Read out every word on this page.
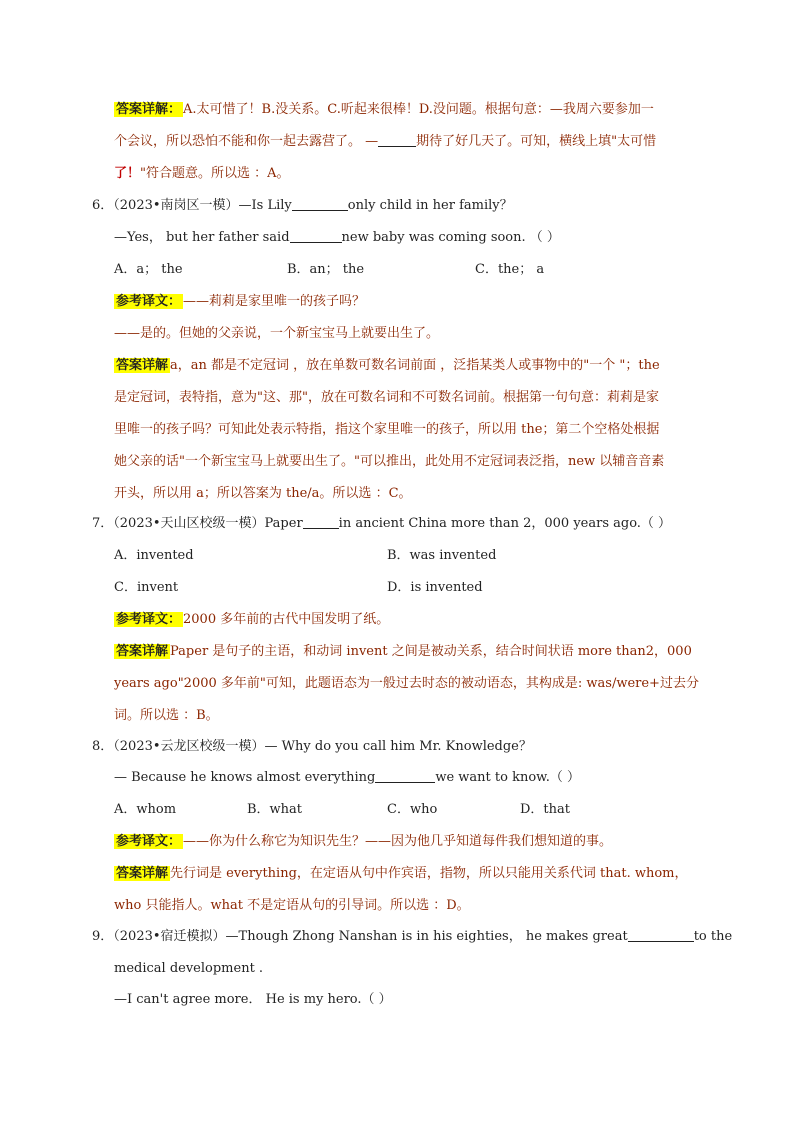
答案详解： A.太可惜了！B.没关系。C.听起来很棒！D.没问题。根据句意：—我周六要参加一
个会议，所以恐怕不能和你一起去露营了。 —	期待了好几天了。可知，横线上填"太可惜
了！"符合题意。所以选 ：A。
6．（2023•南岗区一模）—Is Lily	only child in her family？
—Yes， but her father said	new baby was coming soon. （ ）
A．a； the	B．an； the	C．the； a
参考译文： ——莉莉是家里唯一的孩子吗？
——是的。但她的父亲说，一个新宝宝马上就要出生了。
答案详解 a，an 都是不定冠词 ，放在单数可数名词前面 ，泛指某类人或事物中的"一个 "；the
是定冠词，表特指，意为"这、那"，放在可数名词和不可数名词前。根据第一句句意：莉莉是家
里唯一的孩子吗？可知此处表示特指，指这个家里唯一的孩子，所以用 the；第二个空格处根据
她父亲的话"一个新宝宝马上就要出生了。"可以推出，此处用不定冠词表泛指，new 以辅音音素
开头，所以用 a；所以答案为 the/a。所以选 ：C。
7．（2023•天山区校级一模）Paper	in ancient China more than 2，000 years ago.（ ）
A．invented	B．was invented
C．invent	D．is invented
参考译文： 2000 多年前的古代中国发明了纸。
答案详解 Paper 是句子的主语，和动词 invent 之间是被动关系，结合时间状语 more than2，000
years ago"2000 多年前"可知，此题语态为一般过去时态的被动语态，其构成是: was/were+过去分
词。所以选 ：B。
8．（2023•云龙区校级一模）— Why do you call him Mr. Knowledge？
— Because he knows almost everything	we want to know.（ ）
A．whom	B．what	C．who	D．that
参考译文： ——你为什么称它为知识先生？——因为他几乎知道每件我们想知道的事。
答案详解 先行词是 everything，在定语从句中作宾语，指物，所以只能用关系代词 that. whom，
who 只能指人。what 不是定语从句的引导词。所以选 ：D。
9．（2023•宿迁模拟）—Though Zhong Nanshan is in his eighties， he makes great	to the
medical development .
—I can't agree more． He is my hero.（ ）
